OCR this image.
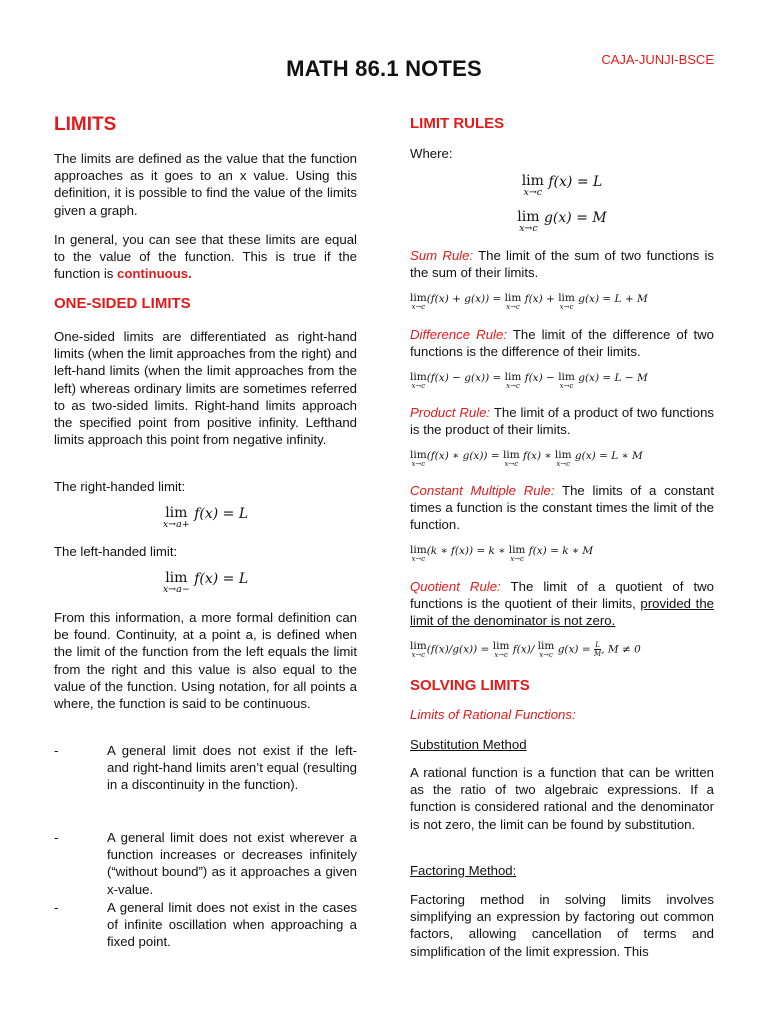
MATH 86.1 NOTES	CAJA-JUNJI-BSCE
LIMITS

The limits are defined as the value that the function approaches as it goes to an x value. Using this definition, it is possible to find the value of the limits given a graph.

In general, you can see that these limits are equal to the value of the function. This is true if the function is continuous.

ONE-SIDED LIMITS

One-sided limits are differentiated as right-hand limits (when the limit approaches from the right) and left-hand limits (when the limit approaches from the left) whereas ordinary limits are sometimes referred to as two-sided limits. Right-hand limits approach the specified point from positive infinity. Lefthand limits approach this point from negative infinity.

The right-handed limit:

lim
x→a+
f(x) = L

The left-handed limit:

lim
x→a−
f(x) = L

From this information, a more formal definition can be found. Continuity, at a point a, is defined when the limit of the function from the left equals the limit from the right and this value is also equal to the value of the function. Using notation, for all points a where, the function is said to be continuous.

-	A general limit does not exist if the left- and right-hand limits aren’t equal (resulting in a discontinuity in the function).
-	A general limit does not exist wherever a function increases or decreases infinitely (“without bound”) as it approaches a given x-value.
-	A general limit does not exist in the cases of infinite oscillation when approaching a fixed point.
LIMIT RULES

Where:

lim
x→c
f(x) = L
lim
x→c
g(x) = M

Sum Rule: The limit of the sum of two functions is the sum of their limits.

lim
x→c
(f(x) + g(x)) = lim
x→c
f(x) + lim
x→c
g(x) = L + M

Difference Rule: The limit of the difference of two functions is the difference of their limits.

lim
x→c
(f(x) − g(x)) = lim
x→c
f(x) − lim
x→c
g(x) = L − M

Product Rule: The limit of a product of two functions is the product of their limits.

lim
x→c
(f(x) ∗ g(x)) = lim
x→c
f(x) ∗ lim
x→c
g(x) = L ∗ M

Constant Multiple Rule: The limits of a constant times a function is the constant times the limit of the function.

lim
x→c
(k ∗ f(x)) = k ∗ lim
x→c
f(x) = k ∗ M

Quotient Rule: The limit of a quotient of two functions is the quotient of their limits, provided the limit of the denominator is not zero.

lim
x→c (f(x)/g(x)) = lim
x→c f(x)/ lim
x→c $g(x) = \frac{L}{M}$, M ≠ 0
SOLVING LIMITS

Limits of Rational Functions:

Substitution Method

A rational function is a function that can be written as the ratio of two algebraic expressions. If a function is considered rational and the denominator is not zero, the limit can be found by substitution.

Factoring Method:

Factoring method in solving limits involves simplifying an expression by factoring out common factors, allowing cancellation of terms and simplification of the limit expression. This
